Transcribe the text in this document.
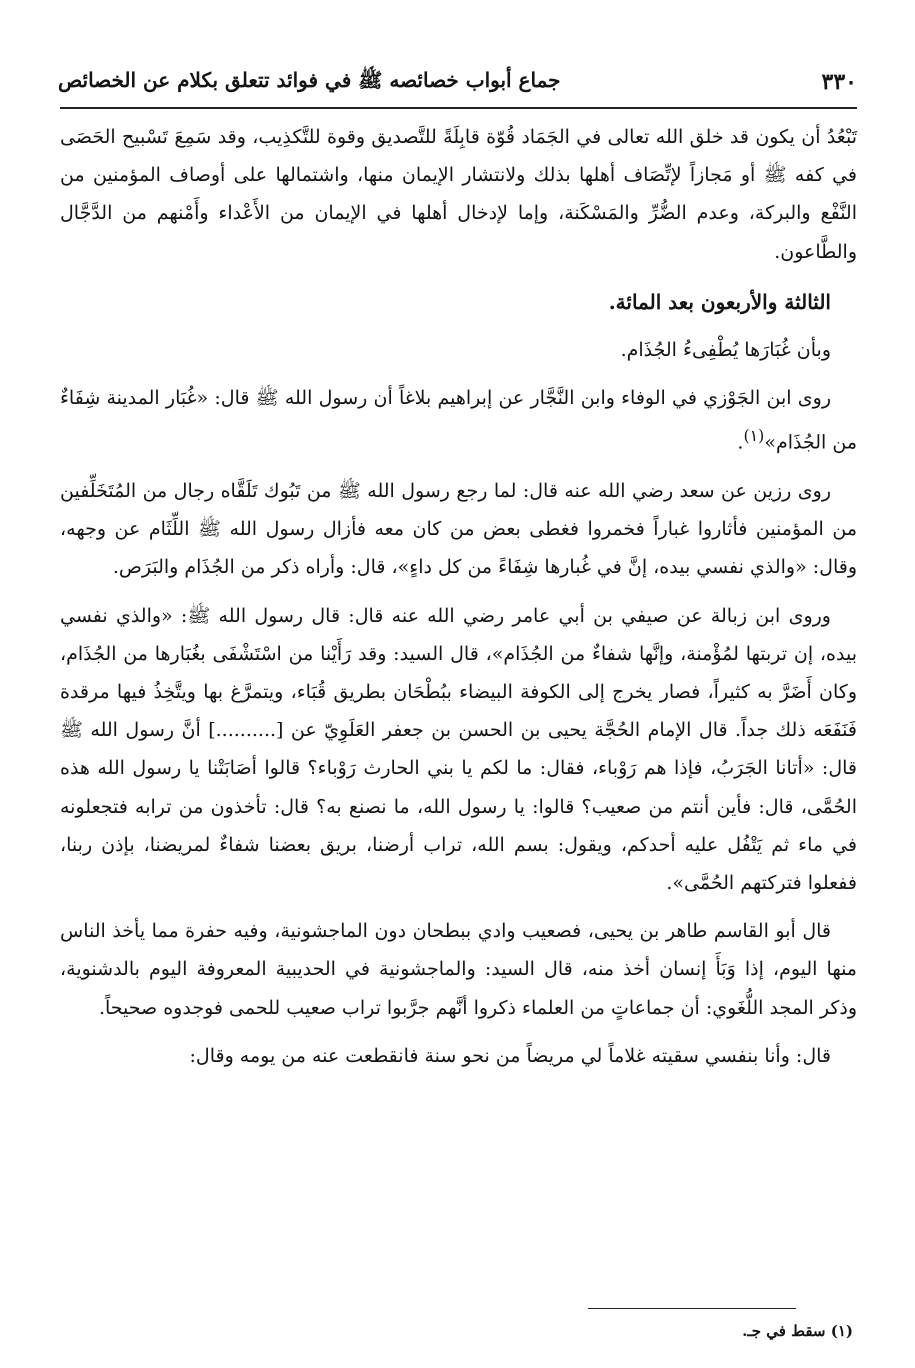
٣٣٠
جماع أبواب خصائصه ﷺ في فوائد تتعلق بكلام عن الخصائص

تَبْعُدُ أن يكون قد خلق الله تعالى في الجَمَاد قُوّة قابِلَةً للتَّصديق وقوة للتَّكذِيب، وقد سَمِعَ تَسْبيح الحَصَى في كفه ﷺ أو مَجازاً لإتِّصَاف أهلها بذلك ولانتشار الإيمان منها، واشتمالها على أوصاف المؤمنين من النَّفْع والبركة، وعدم الضُّرِّ والمَسْكَنة، وإما لإدخال أهلها في الإيمان من الأَعْداء وأَمْنهم من الدَّجَّال والطَّاعون.

الثالثة والأربعون بعد المائة.

وبأن غُبَارَها يُطْفِىءُ الجُذَام.

روى ابن الجَوْزي في الوفاء وابن النَّجَّار عن إبراهيم بلاغاً أن رسول الله ﷺ قال: «غُبَار المدينة شِفَاءٌ من الجُذَام»$^{(١)}$.

روى رزين عن سعد رضي الله عنه قال: لما رجع رسول الله ﷺ من تَبُوك تَلَقَّاه رجال من المُتَخَلِّفين من المؤمنين فأثاروا غباراً فخمروا فغطى بعض من كان معه فأزال رسول الله ﷺ اللِّثَام عن وجهه، وقال: «والذي نفسي بيده، إنَّ في غُبارها شِفَاءً من كل داءٍ»، قال: وأراه ذكر من الجُذَام والبَرَص.

وروى ابن زبالة عن صيفي بن أبي عامر رضي الله عنه قال: قال رسول الله ﷺ: «والذي نفسي بيده، إن تربتها لمُؤْمنة، وإنَّها شفاءٌ من الجُذَام»، قال السيد: وقد رَأَيْنا من اسْتَشْفَى بغُبَارها من الجُذَام، وكان أَضَرَّ به كثيراً، فصار يخرج إلى الكوفة البيضاء ببُطْحَان بطريق قُبَاء، ويتمرَّغ بها ويتَّخِذُ فيها مرقدة فَنَفَعَه ذلك جداً. قال الإمام الحُجَّة يحيى بن الحسن بن جعفر العَلَوِيّ عن [..........] أنَّ رسول الله ﷺ قال: «أتانا الجَرَبُ، فإذا هم رَوْباء، فقال: ما لكم يا بني الحارث رَوْباء؟ قالوا أصَابَتْنا يا رسول الله هذه الحُمَّى، قال: فأين أنتم من صعيب؟ قالوا: يا رسول الله، ما نصنع به؟ قال: تأخذون من ترابه فتجعلونه في ماء ثم يَتْفُل عليه أحدكم، ويقول: بسم الله، تراب أرضنا، بريق بعضنا شفاءٌ لمريضنا، بإذن ربنا، ففعلوا فتركتهم الحُمَّى».

قال أبو القاسم طاهر بن يحيى، فصعيب وادي ببطحان دون الماجشونية، وفيه حفرة مما يأخذ الناس منها اليوم، إذا وَبَأَ إنسان أخذ منه، قال السيد: والماجشونية في الحديبية المعروفة اليوم بالدشنوية، وذكر المجد اللُّغَوي: أن جماعاتٍ من العلماء ذكروا أنَّهم جرَّبوا تراب صعيب للحمى فوجدوه صحيحاً.

قال: وأنا بنفسي سقيته غلاماً لي مريضاً من نحو سنة فانقطعت عنه من يومه وقال:

(١) سقط في جـ.
